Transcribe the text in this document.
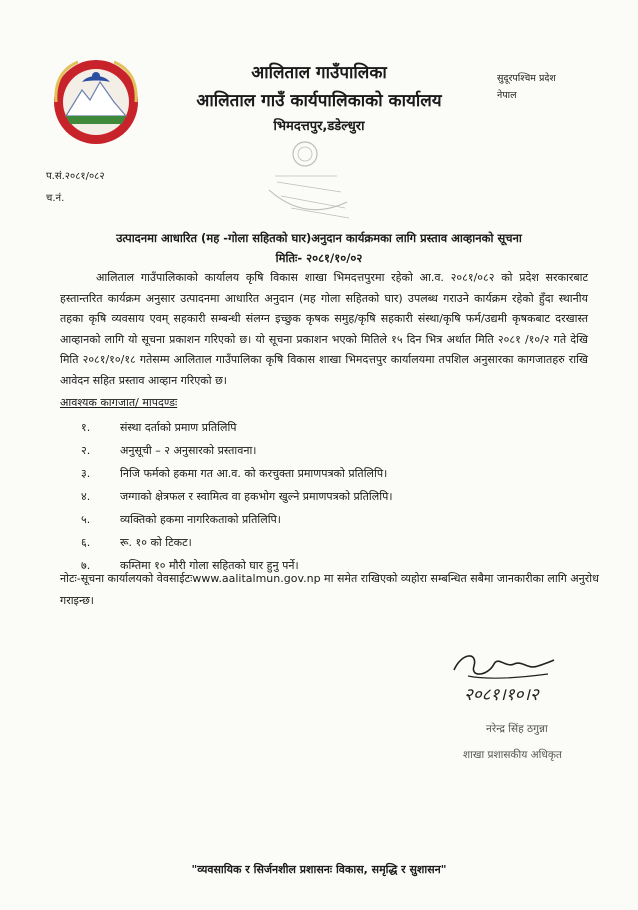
आलिताल गाउँपालिका
आलिताल गाउँ कार्यपालिकाको कार्यालय
भिमदत्तपुर,डडेल्धुरा
सुदूरपश्चिम प्रदेश
नेपाल
प.सं.२०८१/०८२
च.नं.
उत्पादनमा आधारित (मह -गोला सहितको घार)अनुदान कार्यक्रमका लागि प्रस्ताव आव्हानको सूचना
मितिः- २०८१/१०/०२
आलिताल गाउँपालिकाको कार्यालय कृषि विकास शाखा भिमदत्तपुरमा रहेको आ.व. २०८१/०८२ को प्रदेश सरकारबाट हस्तान्तरित कार्यक्रम अनुसार उत्पादनमा आधारित अनुदान (मह गोला सहितको घार) उपलब्ध गराउने कार्यक्रम रहेको हुँदा स्थानीय तहका कृषि व्यवसाय एवम् सहकारी सम्बन्धी संलग्न इच्छुक कृषक समुह/कृषि सहकारी संस्था/कृषि फर्म/उद्यमी कृषकबाट दरखास्त आव्हानको लागि यो सूचना प्रकाशन गरिएको छ। यो सूचना प्रकाशन भएको मितिले १५ दिन भित्र अर्थात मिति २०८१ /१०/२ गते देखि मिति २०८१/१०/१८ गतेसम्म आलिताल गाउँपालिका कृषि विकास शाखा भिमदत्तपुर कार्यालयमा तपशिल अनुसारका कागजातहरु राखि आवेदन सहित प्रस्ताव आव्हान गरिएको छ।
आवश्यक कागजात/ मापदण्डः
१.	संस्था दर्ताको प्रमाण प्रतिलिपि
२.	अनुसूची – २ अनुसारको प्रस्तावना।
३.	निजि फर्मको हकमा गत आ.व. को करचुक्ता प्रमाणपत्रको प्रतिलिपि।
४.	जग्गाको क्षेत्रफल र स्वामित्व वा हकभोग खुल्ने प्रमाणपत्रको प्रतिलिपि।
५.	व्यक्तिको हकमा नागरिकताको प्रतिलिपि।
६.	रू. १० को टिकट।
७.	कम्तिमा १० मौरी गोला सहितको घार हुनु पर्ने।
नोटः-सूचना कार्यालयको वेवसाईटःwww.aalitalmun.gov.np मा समेत राखिएको व्यहोरा सम्बन्धित सबैमा जानकारीका लागि अनुरोध गराइन्छ।
२०८१।१०।२
नरेन्द्र सिंह ठगुन्ना
शाखा प्रशासकीय अधिकृत
"व्यवसायिक र सिर्जनशील प्रशासनः विकास, समृद्धि र सुशासन"
